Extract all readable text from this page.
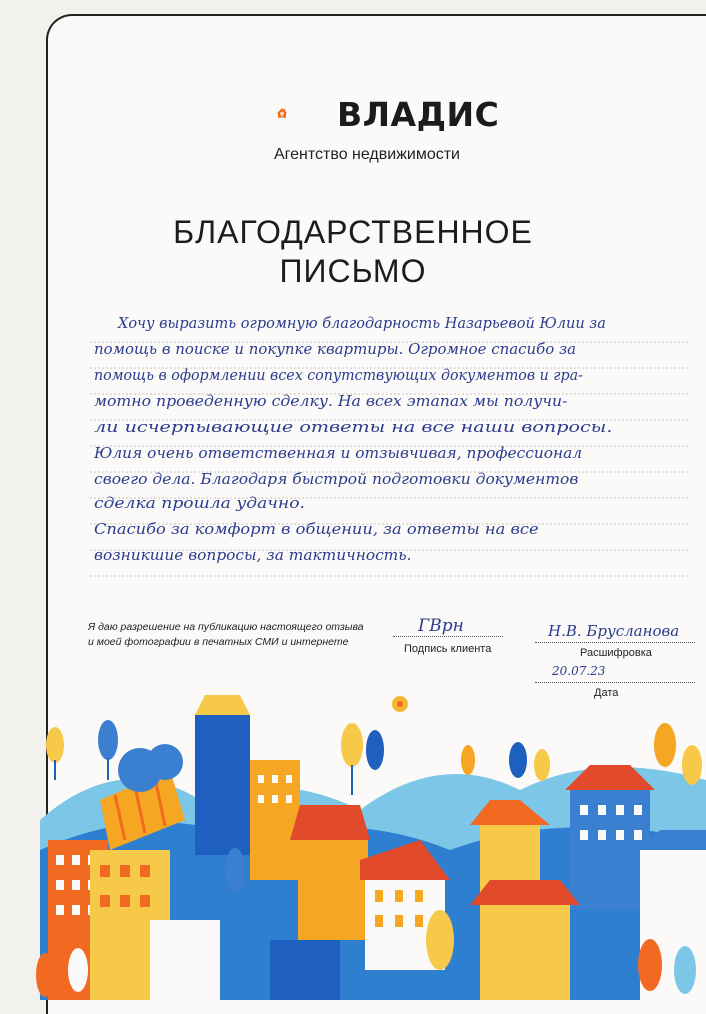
1 ВЛАДИС
Агентство недвижимости
БЛАГОДАРСТВЕННОЕ
ПИСЬМО
Хочу выразить огромную благодарность Назарьевой Юлии за
помощь в поиске и покупке квартиры. Огромное спасибо за
помощь в оформлении всех сопутствующих документов и гра-
мотно проведенную сделку. На всех этапах мы получи-
ли исчерпывающие ответы на все наши вопросы.
Юлия очень ответственная и отзывчивая, профессионал
своего дела. Благодаря быстрой подготовки документов
сделка прошла удачно.
Спасибо за комфорт в общении, за ответы на все
возникшие вопросы, за тактичность.
Я даю разрешение на публикацию настоящего отзыва
и моей фотографии в печатных СМИ и интернете
ГВрн
Подпись клиента
Н.В. Брусланова
Расшифровка
20.07.23
Дата
